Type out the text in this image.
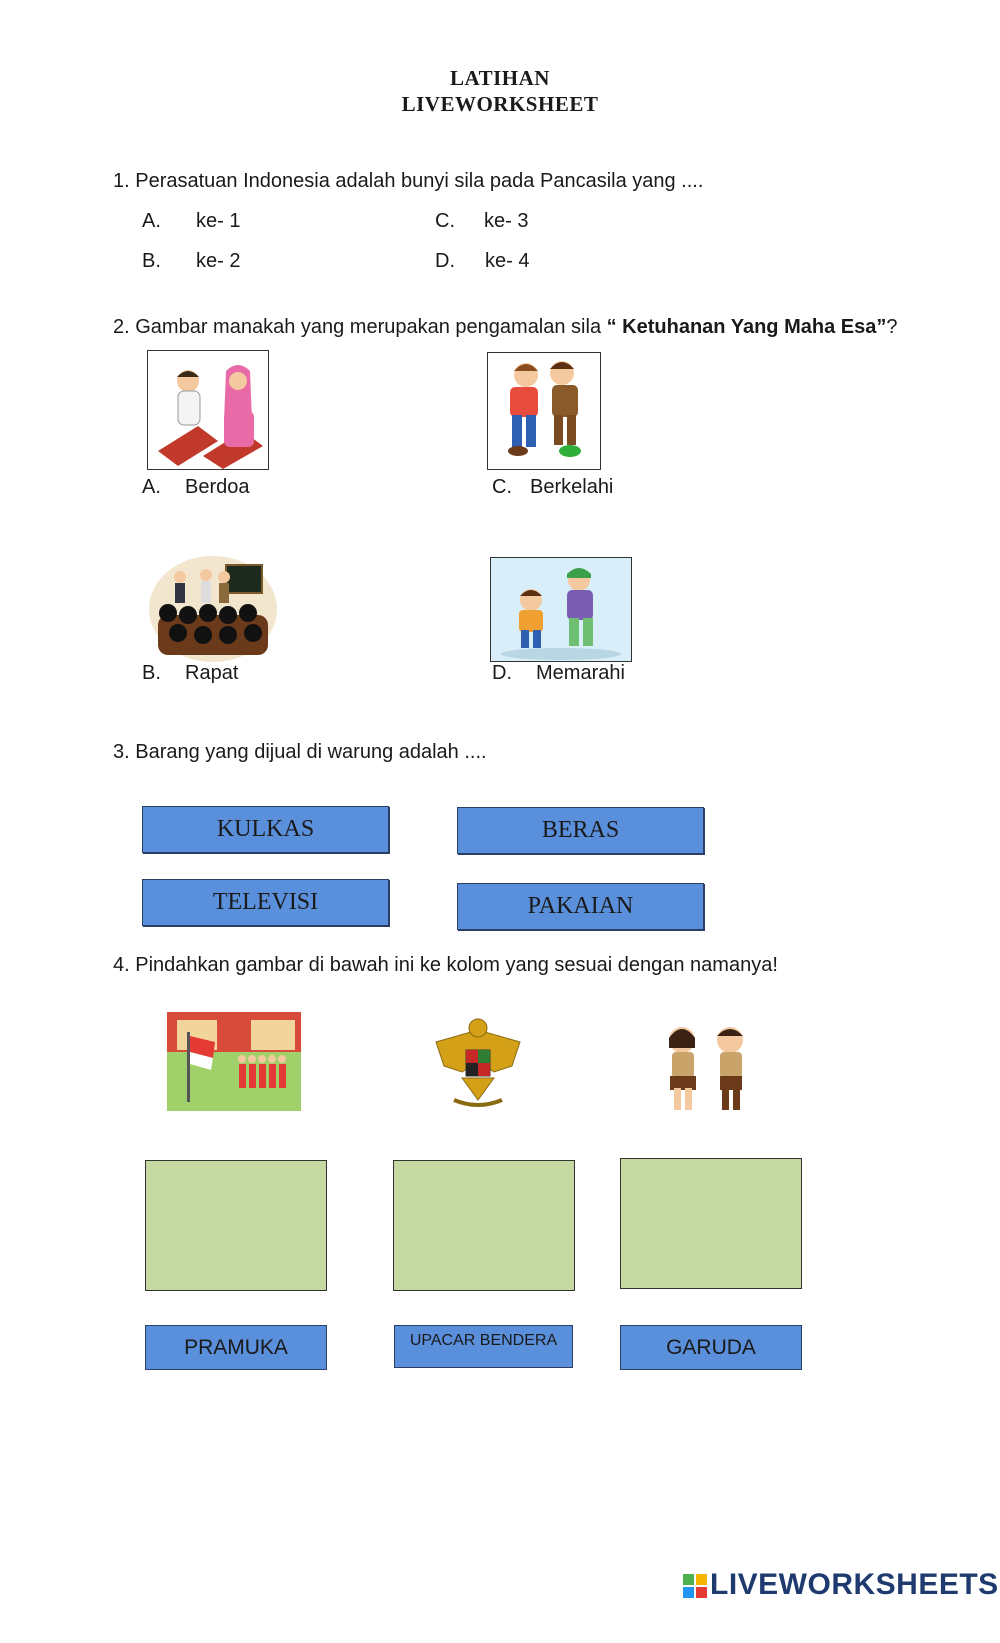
LATIHAN
LIVEWORKSHEET
1. Perasatuan Indonesia adalah bunyi sila pada Pancasila yang ....
A. ke- 1
B. ke- 2
C. ke- 3
D. ke- 4
2. Gambar manakah yang merupakan pengamalan sila “ Ketuhanan Yang Maha Esa”?
A. Berdoa	C. Berkelahi
B. Rapat	D. Memarahi
3. Barang yang dijual di warung adalah ....
KULKAS	BERAS
TELEVISI	PAKAIAN
4. Pindahkan gambar di bawah ini ke kolom yang sesuai dengan namanya!
PRAMUKA	UPACAR BENDERA	GARUDA
LIVEWORKSHEETS
